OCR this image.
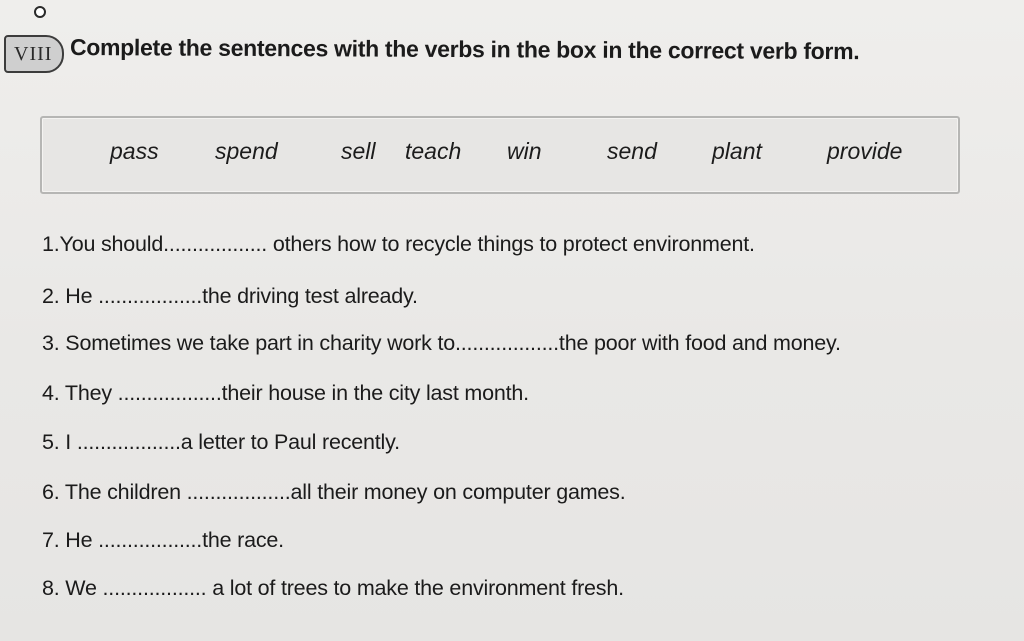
VIII Complete the sentences with the verbs in the box in the correct verb form.
pass spend	sell teach win	send plant	provide
1.You should.................. others how to recycle things to protect environment.
2. He ..................the driving test already.
3. Sometimes we take part in charity work to..................the poor with food and money.
4. They ..................their house in the city last month.
5. I ..................a letter to Paul recently.
6. The children ..................all their money on computer games.
7. He ..................the race.
8. We .................. a lot of trees to make the environment fresh.
